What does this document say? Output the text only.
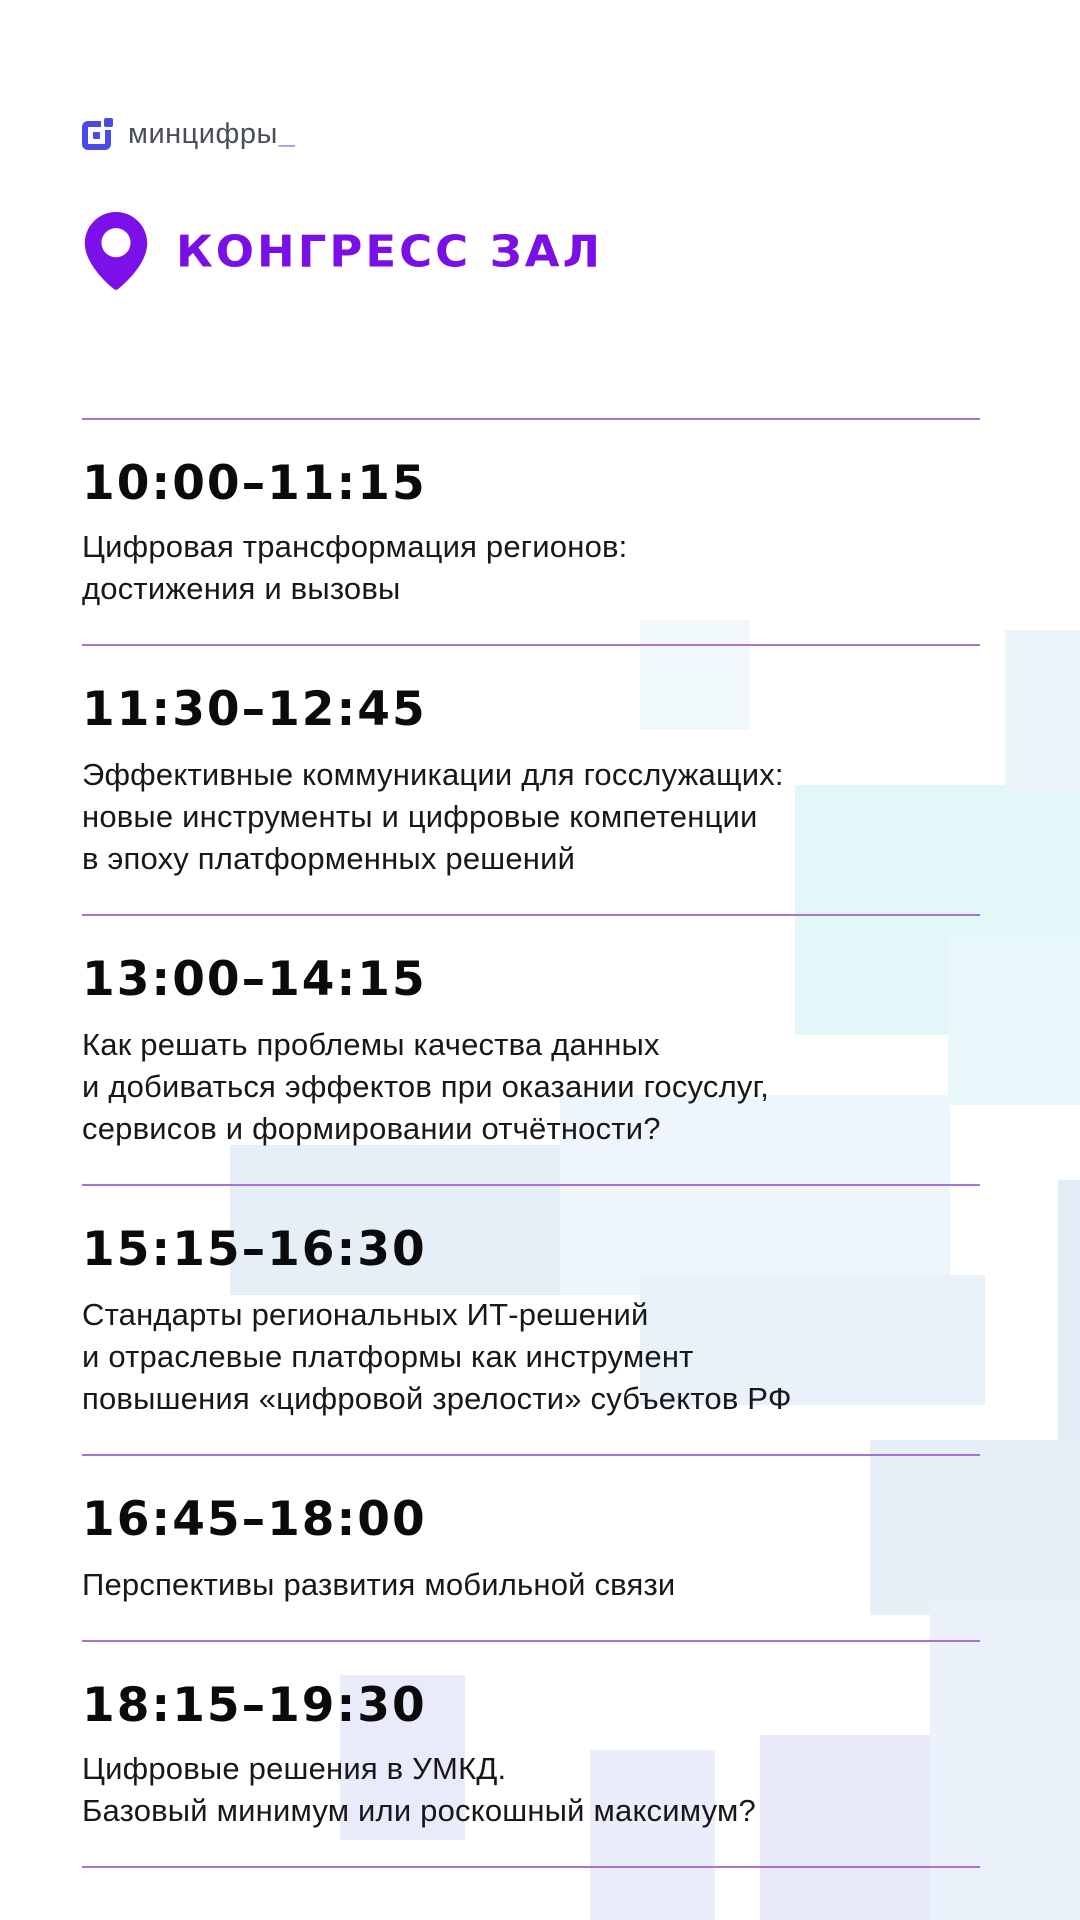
минцифры_
КОНГРЕСС ЗАЛ
10:00–11:15
Цифровая трансформация регионов:
достижения и вызовы
11:30–12:45
Эффективные коммуникации для госслужащих:
новые инструменты и цифровые компетенции
в эпоху платформенных решений
13:00–14:15
Как решать проблемы качества данных
и добиваться эффектов при оказании госуслуг,
сервисов и формировании отчётности?
15:15–16:30
Стандарты региональных ИТ-решений
и отраслевые платформы как инструмент
повышения «цифровой зрелости» субъектов РФ
16:45–18:00
Перспективы развития мобильной связи
18:15–19:30
Цифровые решения в УМКД.
Базовый минимум или роскошный максимум?
